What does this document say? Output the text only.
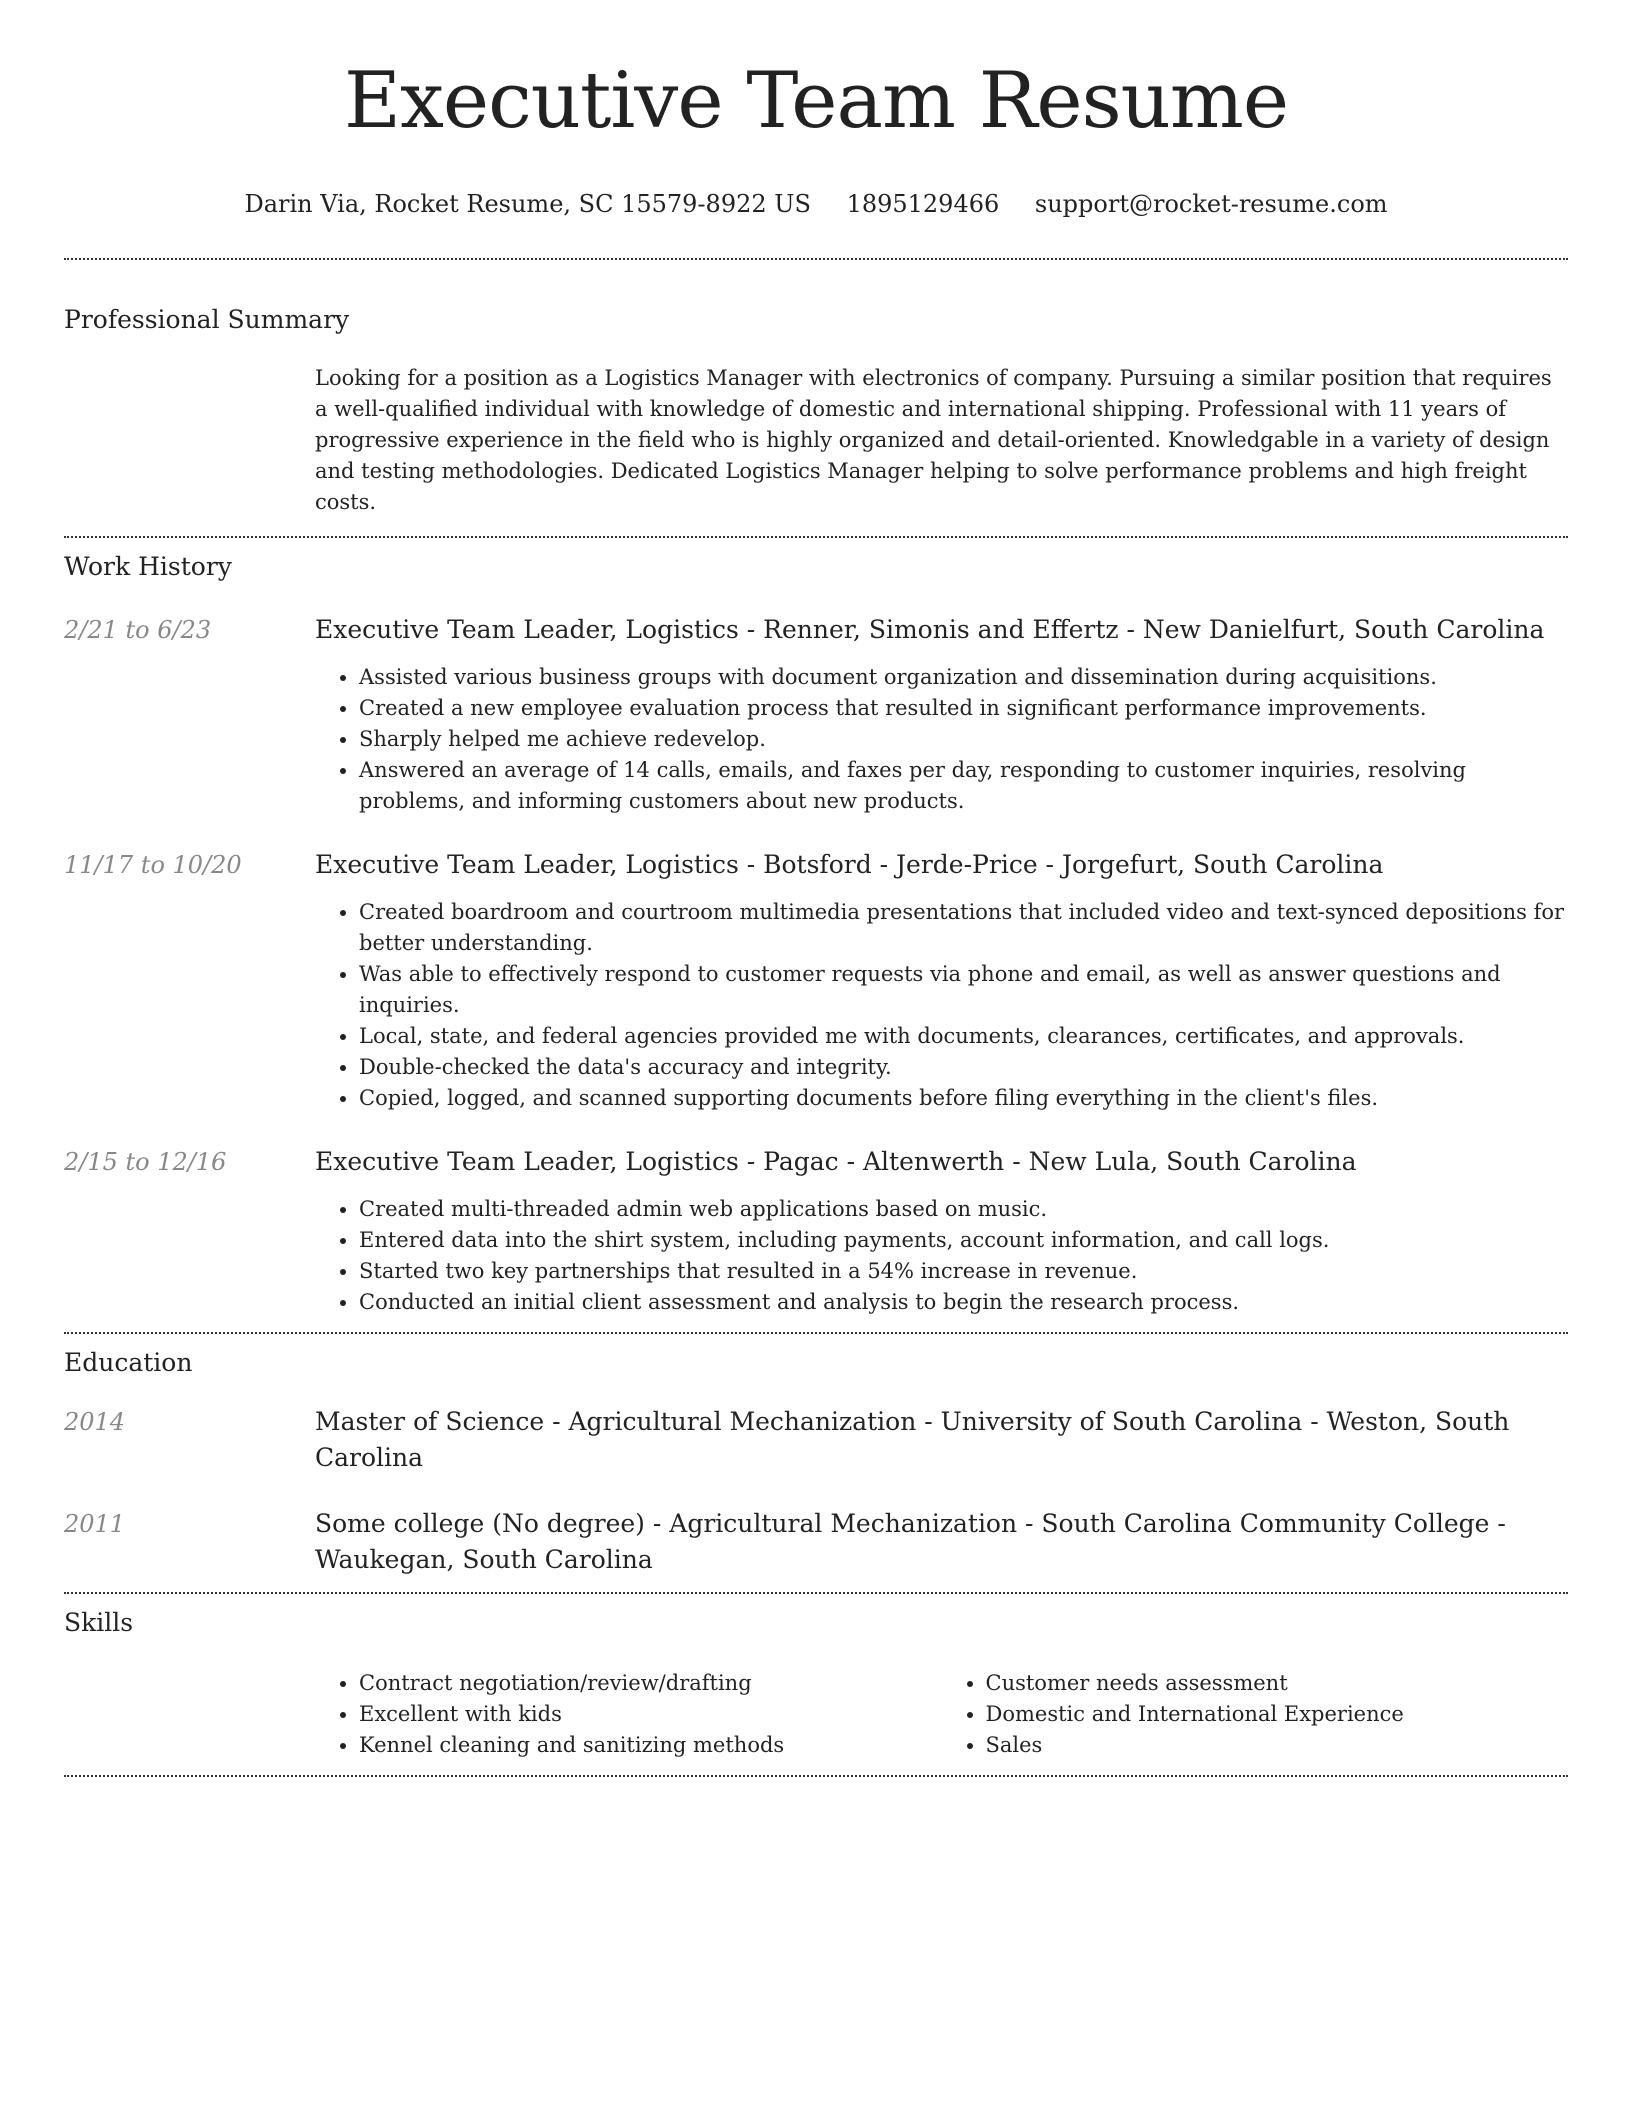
Executive Team Resume
Darin Via, Rocket Resume, SC 15579-8922 US 1895129466 support@rocket-resume.com
Professional Summary
Looking for a position as a Logistics Manager with electronics of company. Pursuing a similar position that requires a well-qualified individual with knowledge of domestic and international shipping. Professional with 11 years of progressive experience in the field who is highly organized and detail-oriented. Knowledgable in a variety of design and testing methodologies. Dedicated Logistics Manager helping to solve performance problems and high freight costs.
Work History
2/21 to 6/23	Executive Team Leader, Logistics - Renner, Simonis and Effertz - New Danielfurt, South Carolina
• Assisted various business groups with document organization and dissemination during acquisitions.
• Created a new employee evaluation process that resulted in significant performance improvements.
• Sharply helped me achieve redevelop.
• Answered an average of 14 calls, emails, and faxes per day, responding to customer inquiries, resolving problems, and informing customers about new products.
11/17 to 10/20	Executive Team Leader, Logistics - Botsford - Jerde-Price - Jorgefurt, South Carolina
• Created boardroom and courtroom multimedia presentations that included video and text-synced depositions for better understanding.
• Was able to effectively respond to customer requests via phone and email, as well as answer questions and inquiries.
• Local, state, and federal agencies provided me with documents, clearances, certificates, and approvals.
• Double-checked the data's accuracy and integrity.
• Copied, logged, and scanned supporting documents before filing everything in the client's files.
2/15 to 12/16	Executive Team Leader, Logistics - Pagac - Altenwerth - New Lula, South Carolina
• Created multi-threaded admin web applications based on music.
• Entered data into the shirt system, including payments, account information, and call logs.
• Started two key partnerships that resulted in a 54% increase in revenue.
• Conducted an initial client assessment and analysis to begin the research process.
Education
2014	Master of Science - Agricultural Mechanization - University of South Carolina - Weston, South Carolina
2011	Some college (No degree) - Agricultural Mechanization - South Carolina Community College - Waukegan, South Carolina
Skills
• Contract negotiation/review/drafting
• Excellent with kids
• Kennel cleaning and sanitizing methods
• Customer needs assessment
• Domestic and International Experience
• Sales
